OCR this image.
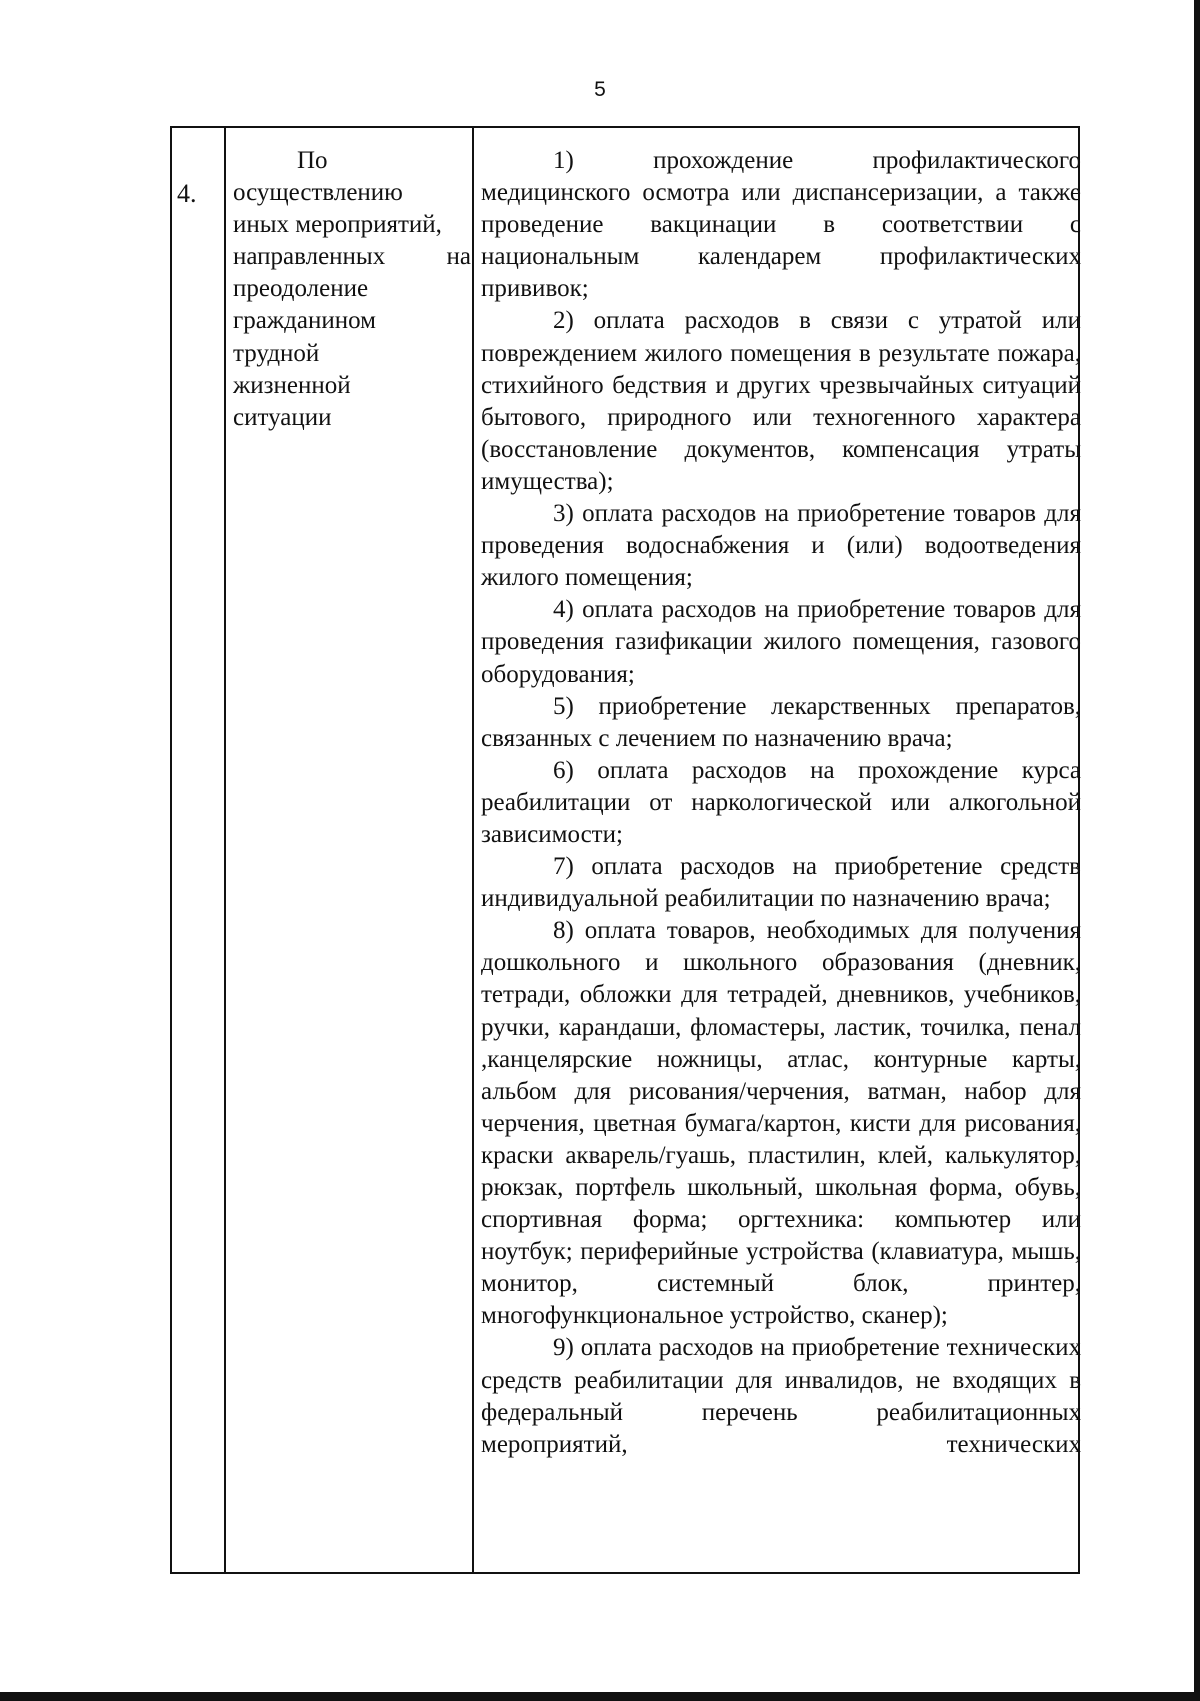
5
4.
По
осуществлению
иных мероприятий,
направленных на
преодоление
гражданином
трудной
жизненной
ситуации

1) прохождение профилактического медицинского осмотра или диспансеризации, а также проведение вакцинации в соответствии с национальным календарем профилактических прививок;

2) оплата расходов в связи с утратой или повреждением жилого помещения в результате пожара, стихийного бедствия и других чрезвычайных ситуаций бытового, природного или техногенного характера (восстановление документов, компенсация утраты имущества);

3) оплата расходов на приобретение товаров для проведения водоснабжения и (или) водоотведения жилого помещения;

4) оплата расходов на приобретение товаров для проведения газификации жилого помещения, газового оборудования;

5) приобретение лекарственных препаратов, связанных с лечением по назначению врача;

6) оплата расходов на прохождение курса реабилитации от наркологической или алкогольной зависимости;

7) оплата расходов на приобретение средств индивидуальной реабилитации по назначению врача;

8) оплата товаров, необходимых для получения дошкольного и школьного образования (дневник, тетради, обложки для тетрадей, дневников, учебников, ручки, карандаши, фломастеры, ластик, точилка, пенал ,канцелярские ножницы, атлас, контурные карты, альбом для рисования/черчения, ватман, набор для черчения, цветная бумага/картон, кисти для рисования, краски акварель/гуашь, пластилин, клей, калькулятор, рюкзак, портфель школьный, школьная форма, обувь, спортивная форма; оргтехника: компьютер или ноутбук; периферийные устройства (клавиатура, мышь, монитор, системный блок, принтер, многофункциональное устройство, сканер);

9) оплата расходов на приобретение технических средств реабилитации для инвалидов, не входящих в федеральный перечень реабилитационных мероприятий, технических
